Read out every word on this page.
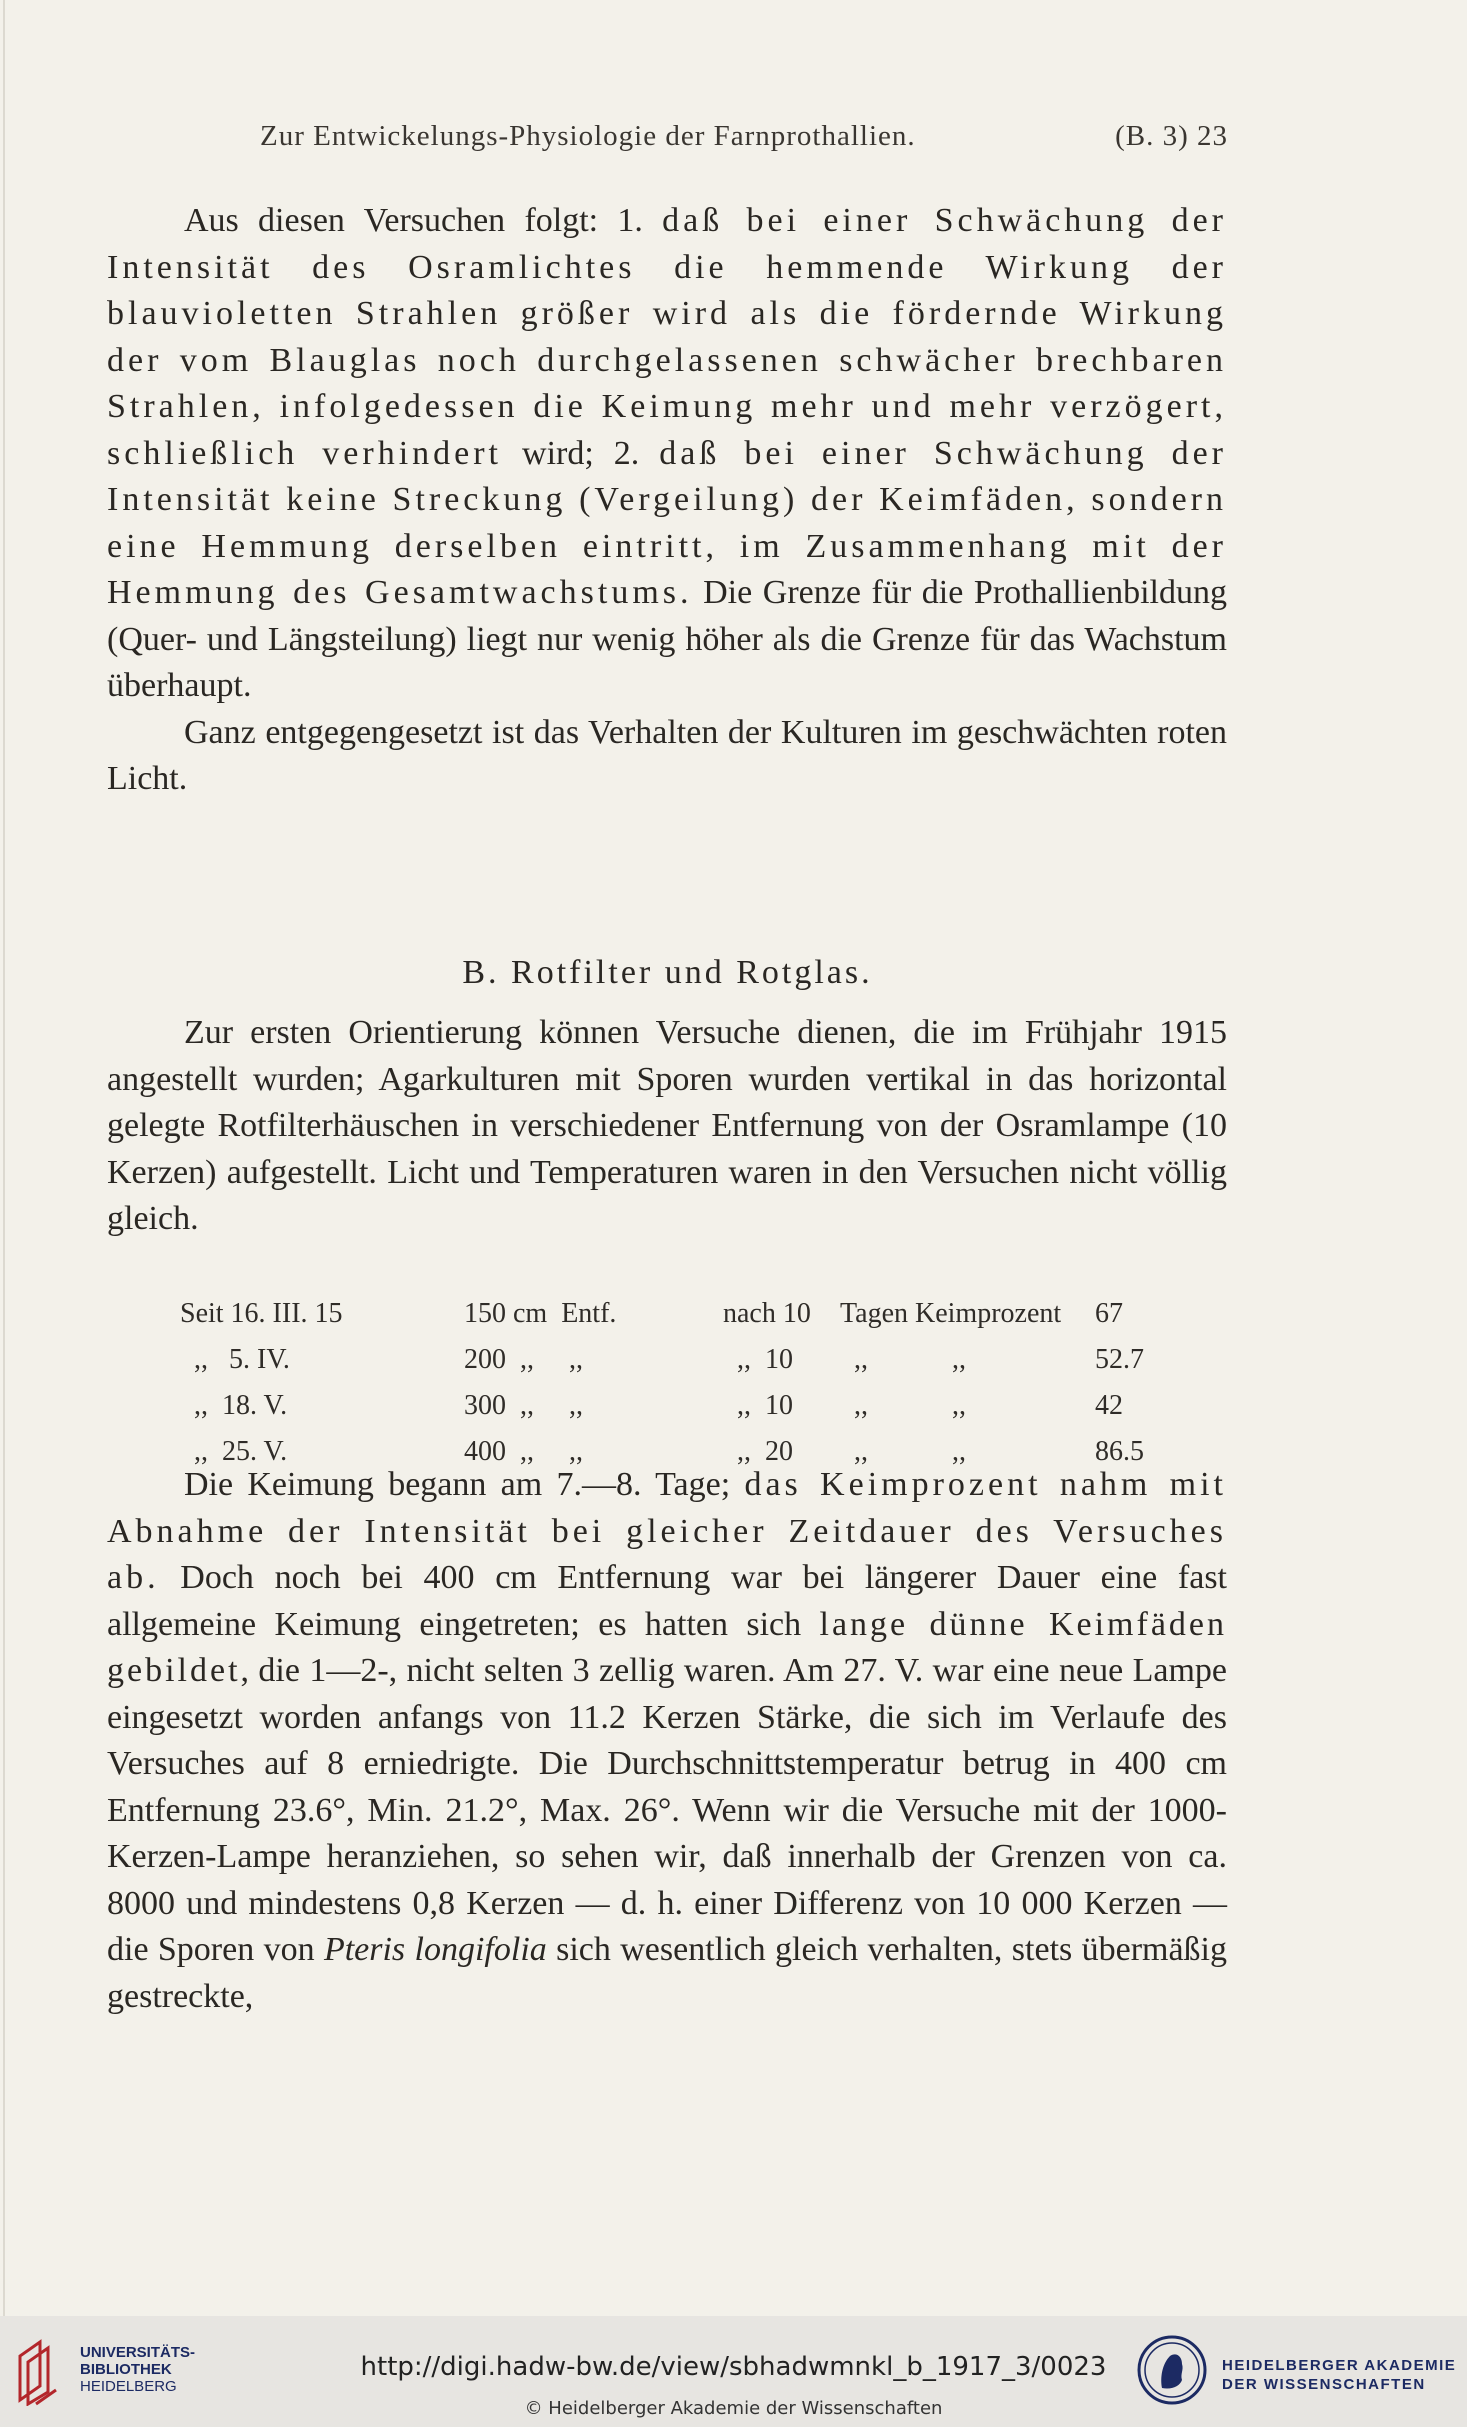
Zur Entwickelungs-Physiologie der Farnprothallien.	(B. 3) 23

Aus diesen Versuchen folgt: 1. daß bei einer Schwächung der Intensität des Osramlichtes die hemmende Wirkung der blauvioletten Strahlen größer wird als die fördernde Wirkung der vom Blauglas noch durchgelassenen schwächer brechbaren Strahlen, infolgedessen die Keimung mehr und mehr verzögert, schließlich verhindert wird; 2. daß bei einer Schwächung der Intensität keine Streckung (Vergeilung) der Keimfäden, sondern eine Hemmung derselben eintritt, im Zusammenhang mit der Hemmung des Gesamtwachstums. Die Grenze für die Prothallienbildung (Quer- und Längsteilung) liegt nur wenig höher als die Grenze für das Wachstum überhaupt.

Ganz entgegengesetzt ist das Verhalten der Kulturen im geschwächten roten Licht.

B. Rotfilter und Rotglas.

Zur ersten Orientierung können Versuche dienen, die im Frühjahr 1915 angestellt wurden; Agarkulturen mit Sporen wurden vertikal in das horizontal gelegte Rotfilterhäuschen in verschiedener Entfernung von der Osramlampe (10 Kerzen) aufgestellt. Licht und Temperaturen waren in den Versuchen nicht völlig gleich.

Seit 16. III. 15	150 cm  Entf.	nach 10 Tagen Keimprozent 67
,,   5. IV.	200  ,,     ,,	,,  10 ,,            ,,	52.7
,,  18. V.	300  ,,     ,,	,,  10 ,,            ,,	42
,,  25. V.	400  ,,     ,,	,,  20 ,,            ,,	86.5

Die Keimung begann am 7.—8. Tage; das Keimprozent nahm mit Abnahme der Intensität bei gleicher Zeitdauer des Versuches ab. Doch noch bei 400 cm Entfernung war bei längerer Dauer eine fast allgemeine Keimung eingetreten; es hatten sich lange dünne Keimfäden gebildet, die 1—2-, nicht selten 3 zellig waren. Am 27. V. war eine neue Lampe eingesetzt worden anfangs von 11.2 Kerzen Stärke, die sich im Verlaufe des Versuches auf 8 erniedrigte. Die Durchschnittstemperatur betrug in 400 cm Entfernung 23.6°, Min. 21.2°, Max. 26°. Wenn wir die Versuche mit der 1000-Kerzen-Lampe heranziehen, so sehen wir, daß innerhalb der Grenzen von ca. 8000 und mindestens 0,8 Kerzen — d. h. einer Differenz von 10 000 Kerzen — die Sporen von Pteris longifolia sich wesentlich gleich verhalten, stets übermäßig gestreckte,

UNIVERSITÄTS-
BIBLIOTHEK
HEIDELBERG
http://digi.hadw-bw.de/view/sbhadwmnkl_b_1917_3/0023
© Heidelberger Akademie der Wissenschaften
HEIDELBERGER AKADEMIE
DER WISSENSCHAFTEN
